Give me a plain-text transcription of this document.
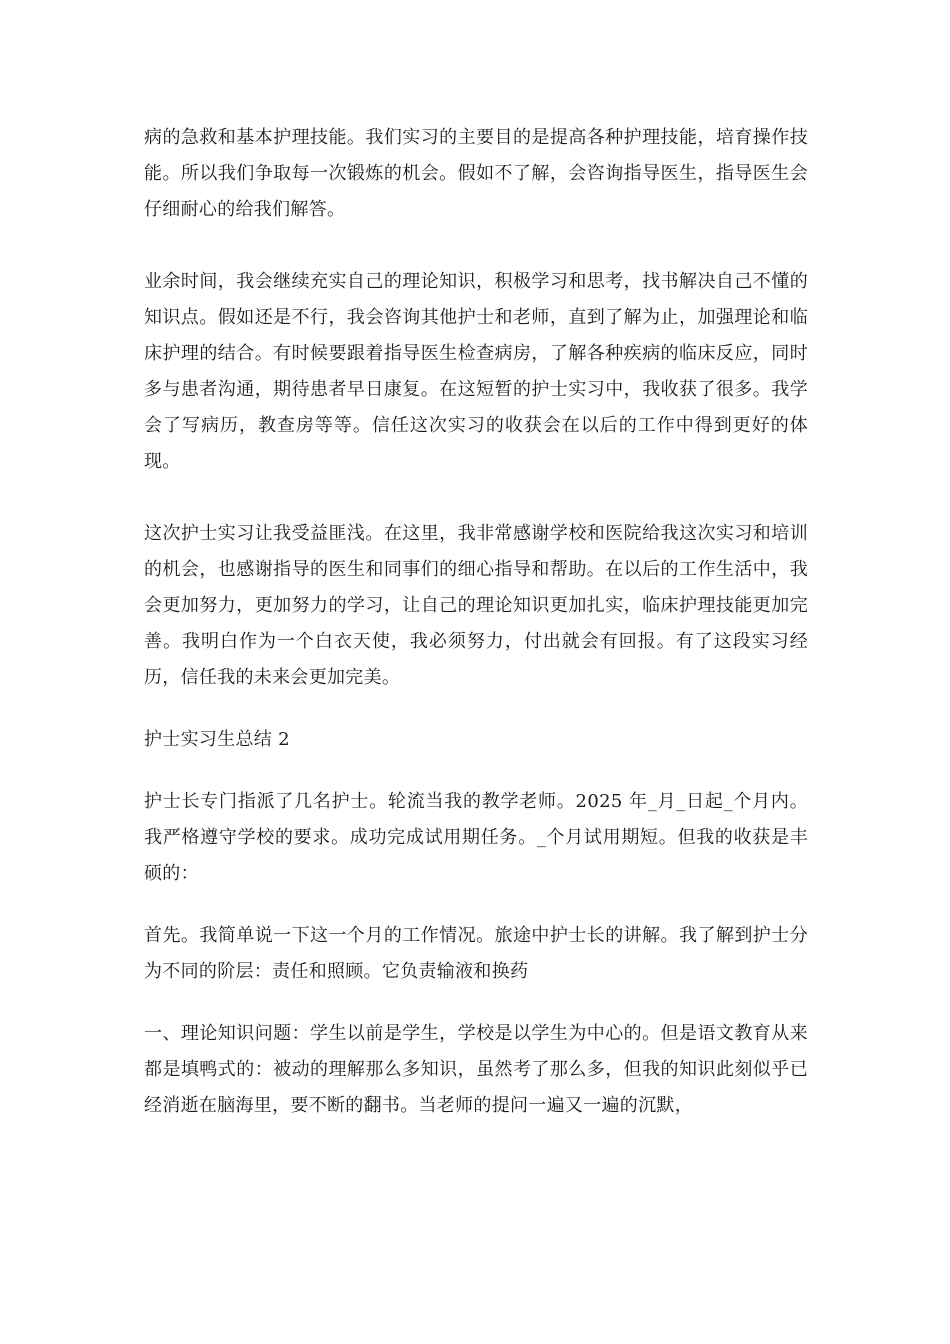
病的急救和基本护理技能。我们实习的主要目的是提高各种护理技能，培育操作技能。所以我们争取每一次锻炼的机会。假如不了解，会咨询指导医生，指导医生会仔细耐心的给我们解答。

业余时间，我会继续充实自己的理论知识，积极学习和思考，找书解决自己不懂的知识点。假如还是不行，我会咨询其他护士和老师，直到了解为止，加强理论和临床护理的结合。有时候要跟着指导医生检查病房，了解各种疾病的临床反应，同时多与患者沟通，期待患者早日康复。在这短暂的护士实习中，我收获了很多。我学会了写病历，教查房等等。信任这次实习的收获会在以后的工作中得到更好的体现。

这次护士实习让我受益匪浅。在这里，我非常感谢学校和医院给我这次实习和培训的机会，也感谢指导的医生和同事们的细心指导和帮助。在以后的工作生活中，我会更加努力，更加努力的学习，让自己的理论知识更加扎实，临床护理技能更加完善。我明白作为一个白衣天使，我必须努力，付出就会有回报。有了这段实习经历，信任我的未来会更加完美。

护士实习生总结 2

护士长专门指派了几名护士。轮流当我的教学老师。2025 年_月_日起_个月内。我严格遵守学校的要求。成功完成试用期任务。_个月试用期短。但我的收获是丰硕的：

首先。我简单说一下这一个月的工作情况。旅途中护士长的讲解。我了解到护士分为不同的阶层：责任和照顾。它负责输液和换药

一、理论知识问题：学生以前是学生，学校是以学生为中心的。但是语文教育从来都是填鸭式的：被动的理解那么多知识，虽然考了那么多，但我的知识此刻似乎已经消逝在脑海里，要不断的翻书。当老师的提问一遍又一遍的沉默，
